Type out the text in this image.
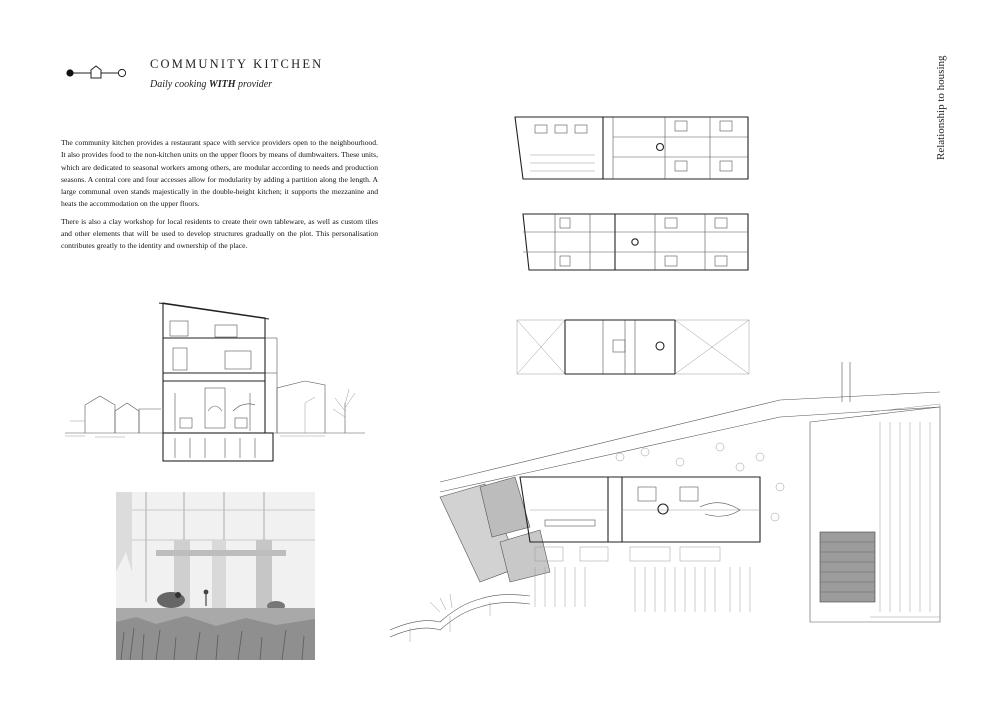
COMMUNITY KITCHEN
Daily cooking WITH provider

The community kitchen provides a restaurant space with service providers open to the neighbourhood. It also provides food to the non-kitchen units on the upper floors by means of dumbwaiters. These units, which are dedicated to seasonal workers among others, are modular according to needs and production seasons. A central core and four accesses allow for modularity by adding a partition along the length. A large communal oven stands majestically in the double-height kitchen; it supports the mezzanine and heats the accommodation on the upper floors.

There is also a clay workshop for local residents to create their own tableware, as well as custom tiles and other elements that will be used to develop structures gradually on the plot. This personalisation contributes greatly to the identity and ownership of the place.

Relationship to housing
